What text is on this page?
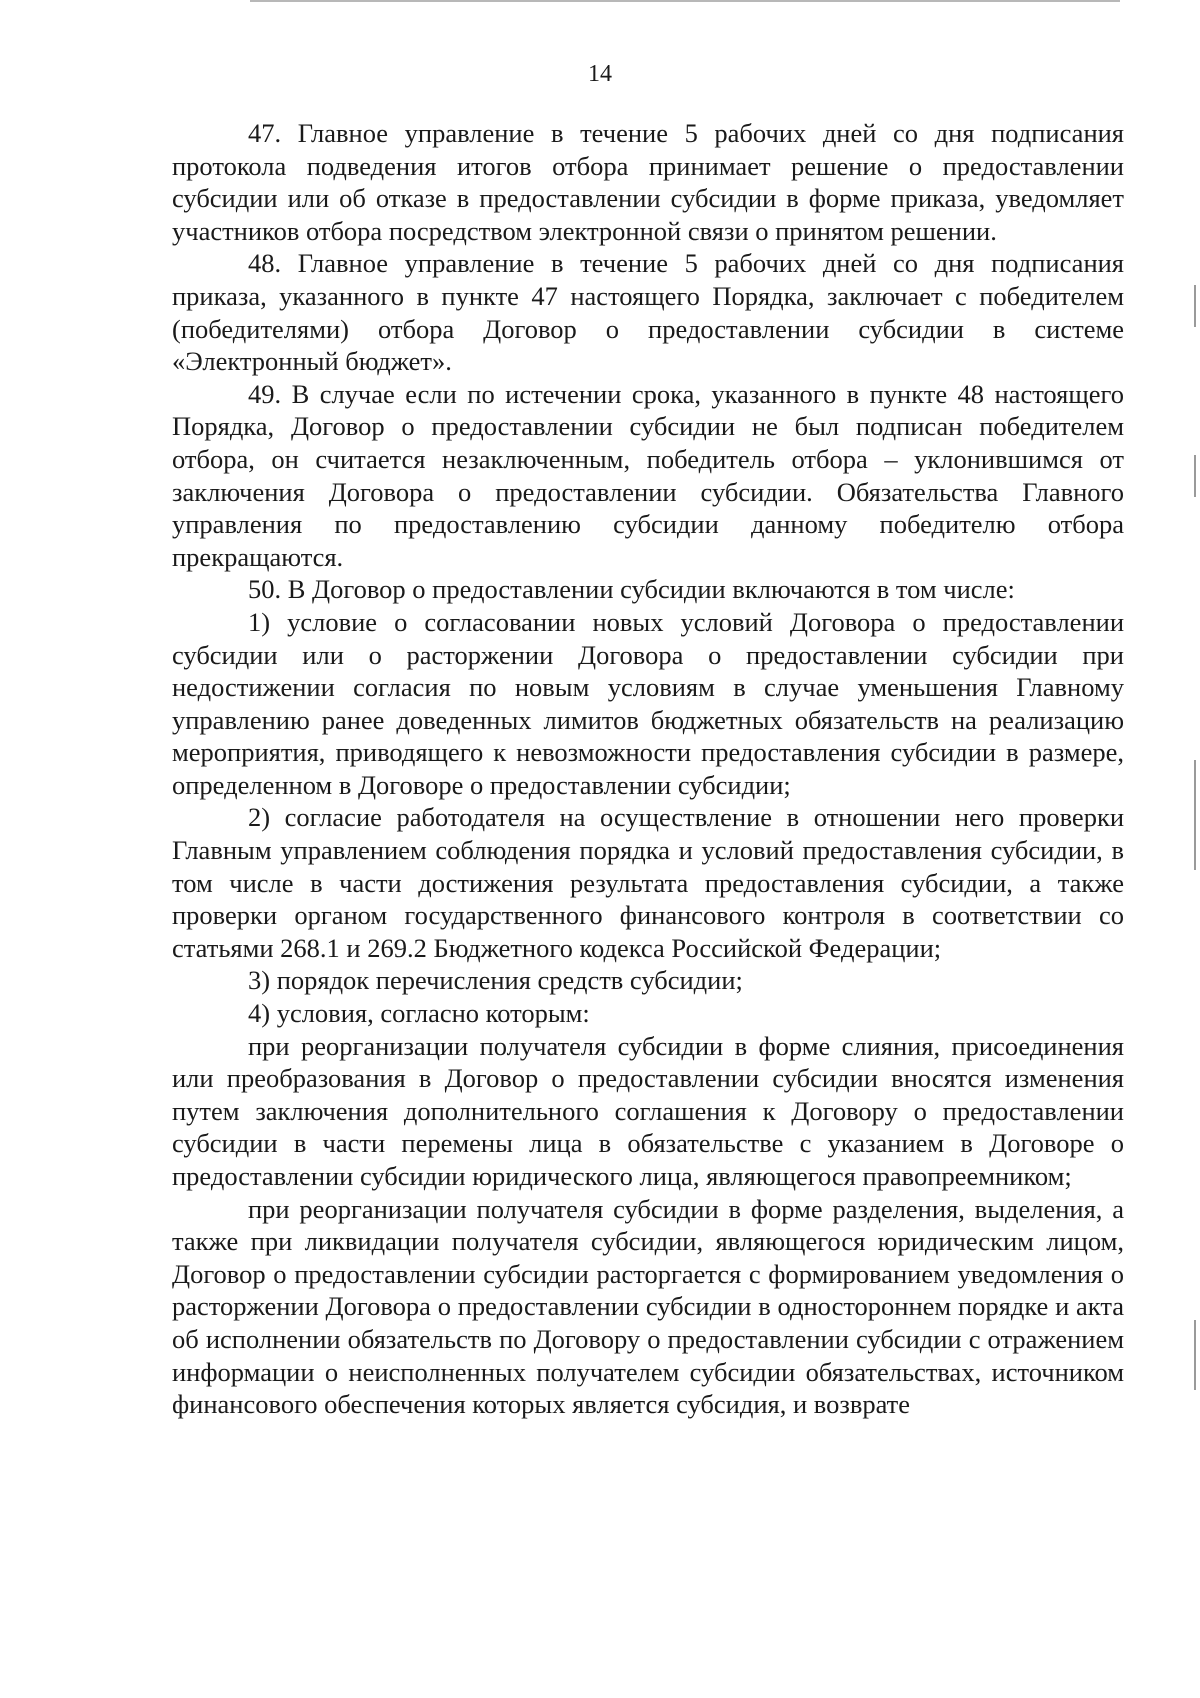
14

47. Главное управление в течение 5 рабочих дней со дня подписания протокола подведения итогов отбора принимает решение о предоставлении субсидии или об отказе в предоставлении субсидии в форме приказа, уведомляет участников отбора посредством электронной связи о принятом решении.

48. Главное управление в течение 5 рабочих дней со дня подписания приказа, указанного в пункте 47 настоящего Порядка, заключает с победителем (победителями) отбора Договор о предоставлении субсидии в системе «Электронный бюджет».

49. В случае если по истечении срока, указанного в пункте 48 настоящего Порядка, Договор о предоставлении субсидии не был подписан победителем отбора, он считается незаключенным, победитель отбора – уклонившимся от заключения Договора о предоставлении субсидии. Обязательства Главного управления по предоставлению субсидии данному победителю отбора прекращаются.

50. В Договор о предоставлении субсидии включаются в том числе:

1) условие о согласовании новых условий Договора о предоставлении субсидии или о расторжении Договора о предоставлении субсидии при недостижении согласия по новым условиям в случае уменьшения Главному управлению ранее доведенных лимитов бюджетных обязательств на реализацию мероприятия, приводящего к невозможности предоставления субсидии в размере, определенном в Договоре о предоставлении субсидии;

2) согласие работодателя на осуществление в отношении него проверки Главным управлением соблюдения порядка и условий предоставления субсидии, в том числе в части достижения результата предоставления субсидии, а также проверки органом государственного финансового контроля в соответствии со статьями 268.1 и 269.2 Бюджетного кодекса Российской Федерации;

3) порядок перечисления средств субсидии;

4) условия, согласно которым:

при реорганизации получателя субсидии в форме слияния, присоединения или преобразования в Договор о предоставлении субсидии вносятся изменения путем заключения дополнительного соглашения к Договору о предоставлении субсидии в части перемены лица в обязательстве с указанием в Договоре о предоставлении субсидии юридического лица, являющегося правопреемником;

при реорганизации получателя субсидии в форме разделения, выделения, а также при ликвидации получателя субсидии, являющегося юридическим лицом, Договор о предоставлении субсидии расторгается с формированием уведомления о расторжении Договора о предоставлении субсидии в одностороннем порядке и акта об исполнении обязательств по Договору о предоставлении субсидии с отражением информации о неисполненных получателем субсидии обязательствах, источником финансового обеспечения которых является субсидия, и возврате
